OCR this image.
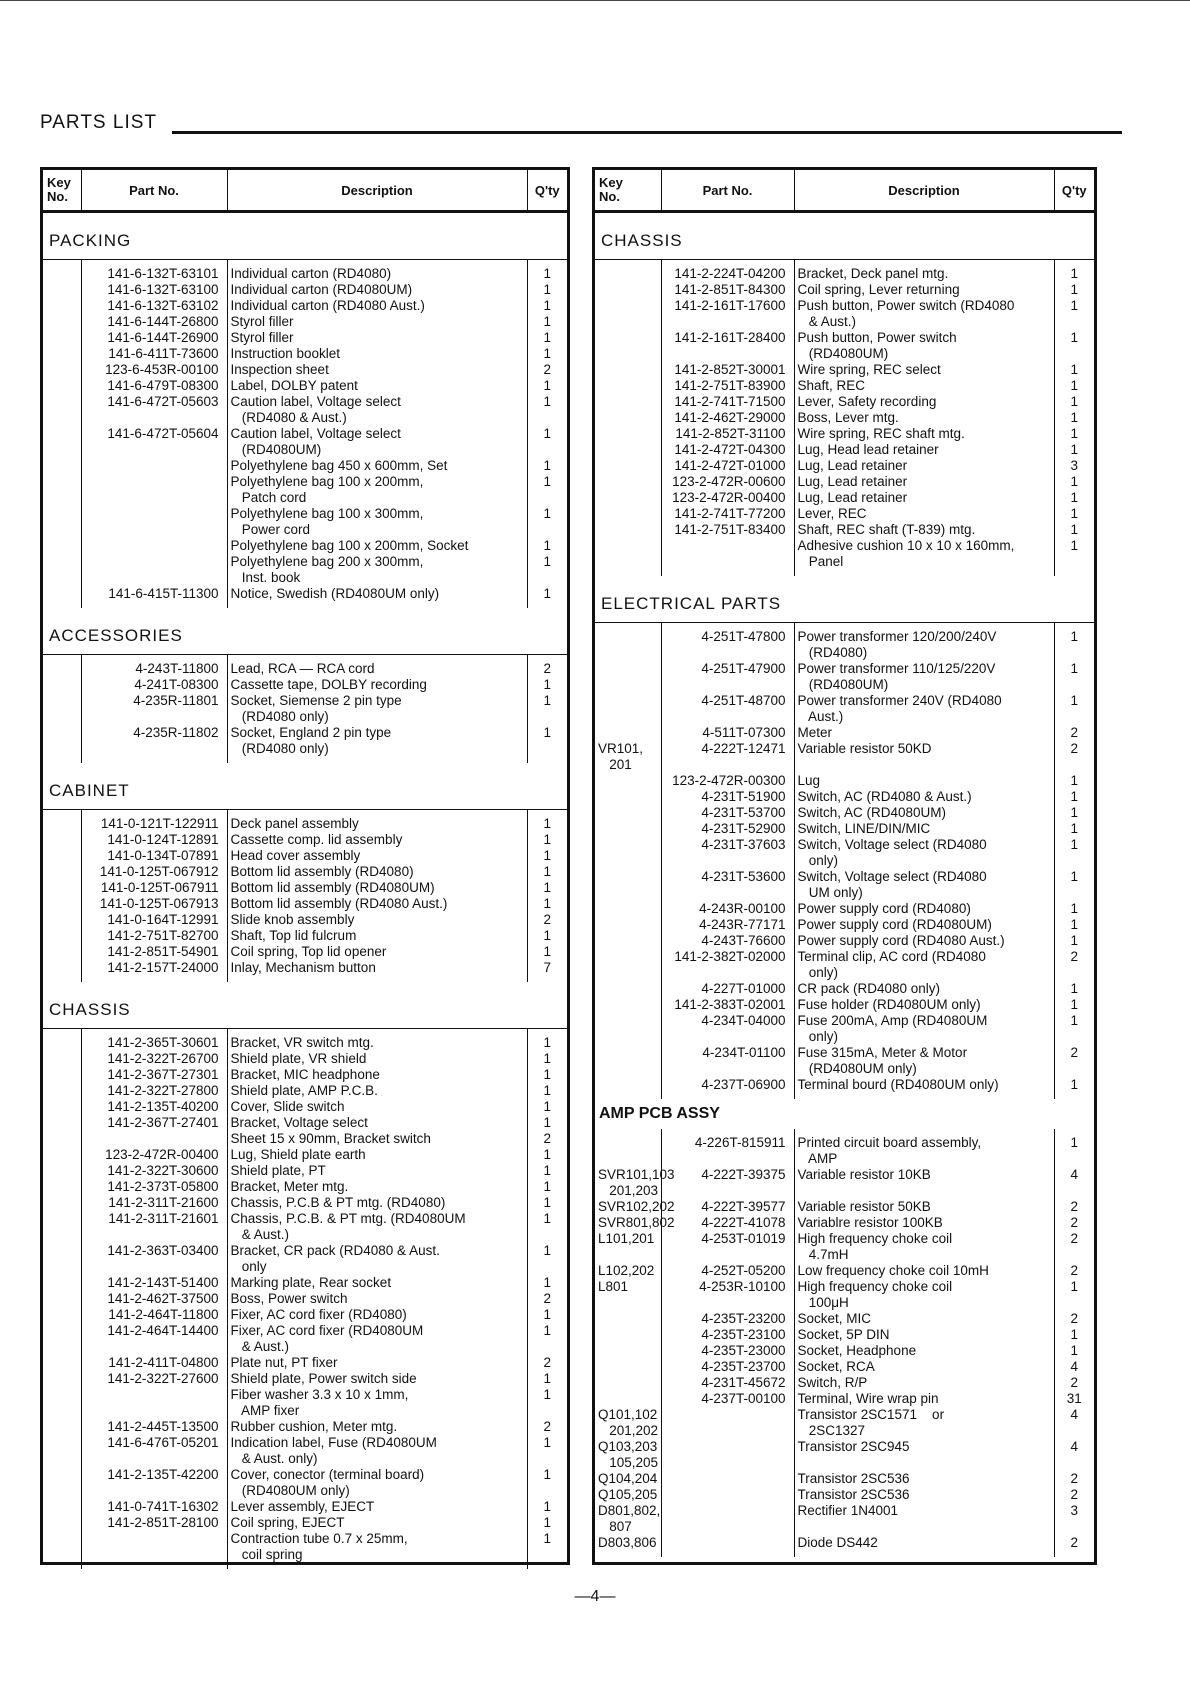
PARTS LIST
Key
No.	Part No.	Description	Q'ty
PACKING

	141-6-132T-63101	Individual carton (RD4080)	1
	141-6-132T-63100	Individual carton (RD4080UM)	1
	141-6-132T-63102	Individual carton (RD4080 Aust.)	1
	141-6-144T-26800	Styrol filler	1
	141-6-144T-26900	Styrol filler	1
	141-6-411T-73600	Instruction booklet	1
	123-6-453R-00100	Inspection sheet	2
	141-6-479T-08300	Label, DOLBY patent	1
	141-6-472T-05603	Caution label, Voltage select	1
		(RD4080 & Aust.)	
	141-6-472T-05604	Caution label, Voltage select	1
		(RD4080UM)	
		Polyethylene bag 450 x 600mm, Set	1
		Polyethylene bag 100 x 200mm,	1
		Patch cord	
		Polyethylene bag 100 x 300mm,	1
		Power cord	
		Polyethylene bag 100 x 200mm, Socket	1
		Polyethylene bag 200 x 300mm,	1
		Inst. book	
	141-6-415T-11300	Notice, Swedish (RD4080UM only)	1

ACCESSORIES

	4-243T-11800	Lead, RCA — RCA cord	2
	4-241T-08300	Cassette tape, DOLBY recording	1
	4-235R-11801	Socket, Siemense 2 pin type	1
		(RD4080 only)	
	4-235R-11802	Socket, England 2 pin type	1
		(RD4080 only)	

CABINET

	141-0-121T-122911	Deck panel assembly	1
	141-0-124T-12891	Cassette comp. lid assembly	1
	141-0-134T-07891	Head cover assembly	1
	141-0-125T-067912	Bottom lid assembly (RD4080)	1
	141-0-125T-067911	Bottom lid assembly (RD4080UM)	1
	141-0-125T-067913	Bottom lid assembly (RD4080 Aust.)	1
	141-0-164T-12991	Slide knob assembly	2
	141-2-751T-82700	Shaft, Top lid fulcrum	1
	141-2-851T-54901	Coil spring, Top lid opener	1
	141-2-157T-24000	Inlay, Mechanism button	7

CHASSIS

	141-2-365T-30601	Bracket, VR switch mtg.	1
	141-2-322T-26700	Shield plate, VR shield	1
	141-2-367T-27301	Bracket, MIC headphone	1
	141-2-322T-27800	Shield plate, AMP P.C.B.	1
	141-2-135T-40200	Cover, Slide switch	1
	141-2-367T-27401	Bracket, Voltage select	1
		Sheet 15 x 90mm, Bracket switch	2
	123-2-472R-00400	Lug, Shield plate earth	1
	141-2-322T-30600	Shield plate, PT	1
	141-2-373T-05800	Bracket, Meter mtg.	1
	141-2-311T-21600	Chassis, P.C.B & PT mtg. (RD4080)	1
	141-2-311T-21601	Chassis, P.C.B. & PT mtg. (RD4080UM	1
		& Aust.)	
	141-2-363T-03400	Bracket, CR pack (RD4080 & Aust.	1
		only	
	141-2-143T-51400	Marking plate, Rear socket	1
	141-2-462T-37500	Boss, Power switch	2
	141-2-464T-11800	Fixer, AC cord fixer (RD4080)	1
	141-2-464T-14400	Fixer, AC cord fixer (RD4080UM	1
		& Aust.)	
	141-2-411T-04800	Plate nut, PT fixer	2
	141-2-322T-27600	Shield plate, Power switch side	1
		Fiber washer 3.3 x 10 x 1mm,	1
		AMP fixer	
	141-2-445T-13500	Rubber cushion, Meter mtg.	2
	141-6-476T-05201	Indication label, Fuse (RD4080UM	1
		& Aust. only)	
	141-2-135T-42200	Cover, conector (terminal board)	1
		(RD4080UM only)	
	141-0-741T-16302	Lever assembly, EJECT	1
	141-2-851T-28100	Coil spring, EJECT	1
		Contraction tube 0.7 x 25mm,	1
		coil spring	

Key
No.	Part No.	Description	Q'ty
CHASSIS

	141-2-224T-04200	Bracket, Deck panel mtg.	1
	141-2-851T-84300	Coil spring, Lever returning	1
	141-2-161T-17600	Push button, Power switch (RD4080	1
		& Aust.)	
	141-2-161T-28400	Push button, Power switch	1
		(RD4080UM)	
	141-2-852T-30001	Wire spring, REC select	1
	141-2-751T-83900	Shaft, REC	1
	141-2-741T-71500	Lever, Safety recording	1
	141-2-462T-29000	Boss, Lever mtg.	1
	141-2-852T-31100	Wire spring, REC shaft mtg.	1
	141-2-472T-04300	Lug, Head lead retainer	1
	141-2-472T-01000	Lug, Lead retainer	3
	123-2-472R-00600	Lug, Lead retainer	1
	123-2-472R-00400	Lug, Lead retainer	1
	141-2-741T-77200	Lever, REC	1
	141-2-751T-83400	Shaft, REC shaft (T-839) mtg.	1
		Adhesive cushion 10 x 10 x 160mm,	1
		Panel	

ELECTRICAL PARTS

	4-251T-47800	Power transformer 120/200/240V	1
		(RD4080)	
	4-251T-47900	Power transformer 110/125/220V	1
		(RD4080UM)	
	4-251T-48700	Power transformer 240V (RD4080	1
		Aust.)	
	4-511T-07300	Meter	2
VR101,	4-222T-12471	Variable resistor 50KD	2
201			
	123-2-472R-00300	Lug	1
	4-231T-51900	Switch, AC (RD4080 & Aust.)	1
	4-231T-53700	Switch, AC (RD4080UM)	1
	4-231T-52900	Switch, LINE/DIN/MIC	1
	4-231T-37603	Switch, Voltage select (RD4080	1
		only)	
	4-231T-53600	Switch, Voltage select (RD4080	1
		UM only)	
	4-243R-00100	Power supply cord (RD4080)	1
	4-243R-77171	Power supply cord (RD4080UM)	1
	4-243T-76600	Power supply cord (RD4080 Aust.)	1
	141-2-382T-02000	Terminal clip, AC cord (RD4080	2
		only)	
	4-227T-01000	CR pack (RD4080 only)	1
	141-2-383T-02001	Fuse holder (RD4080UM only)	1
	4-234T-04000	Fuse 200mA, Amp (RD4080UM	1
		only)	
	4-234T-01100	Fuse 315mA, Meter & Motor	2
		(RD4080UM only)	
	4-237T-06900	Terminal bourd (RD4080UM only)	1

AMP PCB ASSY

	4-226T-815911	Printed circuit board assembly,	1
		AMP	
SVR101,103	4-222T-39375	Variable resistor 10KB	4
201,203			
SVR102,202	4-222T-39577	Variable resistor 50KB	2
SVR801,802	4-222T-41078	Variablre resistor 100KB	2
L101,201	4-253T-01019	High frequency choke coil	2
		4.7mH	
L102,202	4-252T-05200	Low frequency choke coil 10mH	2
L801	4-253R-10100	High frequency choke coil	1
		100μH	
	4-235T-23200	Socket, MIC	2
	4-235T-23100	Socket, 5P DIN	1
	4-235T-23000	Socket, Headphone	1
	4-235T-23700	Socket, RCA	4
	4-231T-45672	Switch, R/P	2
	4-237T-00100	Terminal, Wire wrap pin	31
Q101,102		Transistor 2SC1571    or	4
201,202		2SC1327	
Q103,203		Transistor 2SC945	4
105,205			
Q104,204		Transistor 2SC536	2
Q105,205		Transistor 2SC536	2
D801,802,		Rectifier 1N4001	3
807			
D803,806		Diode DS442	2

—4—
